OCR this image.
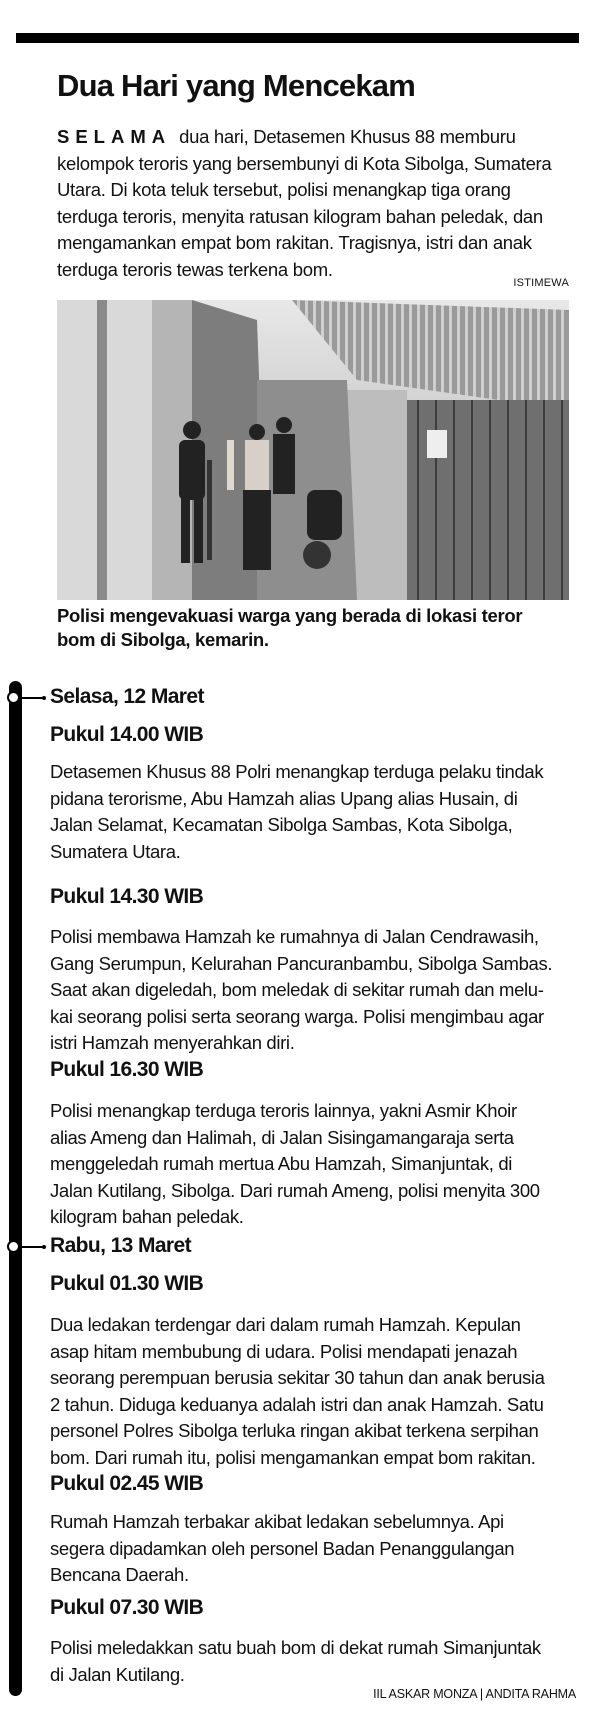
Dua Hari yang Mencekam
SELAMA dua hari, Detasemen Khusus 88 memburu
kelompok teroris yang bersembunyi di Kota Sibolga, Sumatera
Utara. Di kota teluk tersebut, polisi menangkap tiga orang
terduga teroris, menyita ratusan kilogram bahan peledak, dan
mengamankan empat bom rakitan. Tragisnya, istri dan anak
terduga teroris tewas terkena bom.
ISTIMEWA
Polisi mengevakuasi warga yang berada di lokasi teror
bom di Sibolga, kemarin.
Selasa, 12 Maret
Pukul 14.00 WIB
Detasemen Khusus 88 Polri menangkap terduga pelaku tindak
pidana terorisme, Abu Hamzah alias Upang alias Husain, di
Jalan Selamat, Kecamatan Sibolga Sambas, Kota Sibolga,
Sumatera Utara.
Pukul 14.30 WIB
Polisi membawa Hamzah ke rumahnya di Jalan Cendrawasih,
Gang Serumpun, Kelurahan Pancuranbambu, Sibolga Sambas.
Saat akan digeledah, bom meledak di sekitar rumah dan melu-
kai seorang polisi serta seorang warga. Polisi mengimbau agar
istri Hamzah menyerahkan diri.
Pukul 16.30 WIB
Polisi menangkap terduga teroris lainnya, yakni Asmir Khoir
alias Ameng dan Halimah, di Jalan Sisingamangaraja serta
menggeledah rumah mertua Abu Hamzah, Simanjuntak, di
Jalan Kutilang, Sibolga. Dari rumah Ameng, polisi menyita 300
kilogram bahan peledak.
Rabu, 13 Maret
Pukul 01.30 WIB
Dua ledakan terdengar dari dalam rumah Hamzah. Kepulan
asap hitam membubung di udara. Polisi mendapati jenazah
seorang perempuan berusia sekitar 30 tahun dan anak berusia
2 tahun. Diduga keduanya adalah istri dan anak Hamzah. Satu
personel Polres Sibolga terluka ringan akibat terkena serpihan
bom. Dari rumah itu, polisi mengamankan empat bom rakitan.
Pukul 02.45 WIB
Rumah Hamzah terbakar akibat ledakan sebelumnya. Api
segera dipadamkan oleh personel Badan Penanggulangan
Bencana Daerah.
Pukul 07.30 WIB
Polisi meledakkan satu buah bom di dekat rumah Simanjuntak
di Jalan Kutilang.
IIL ASKAR MONZA | ANDITA RAHMA
